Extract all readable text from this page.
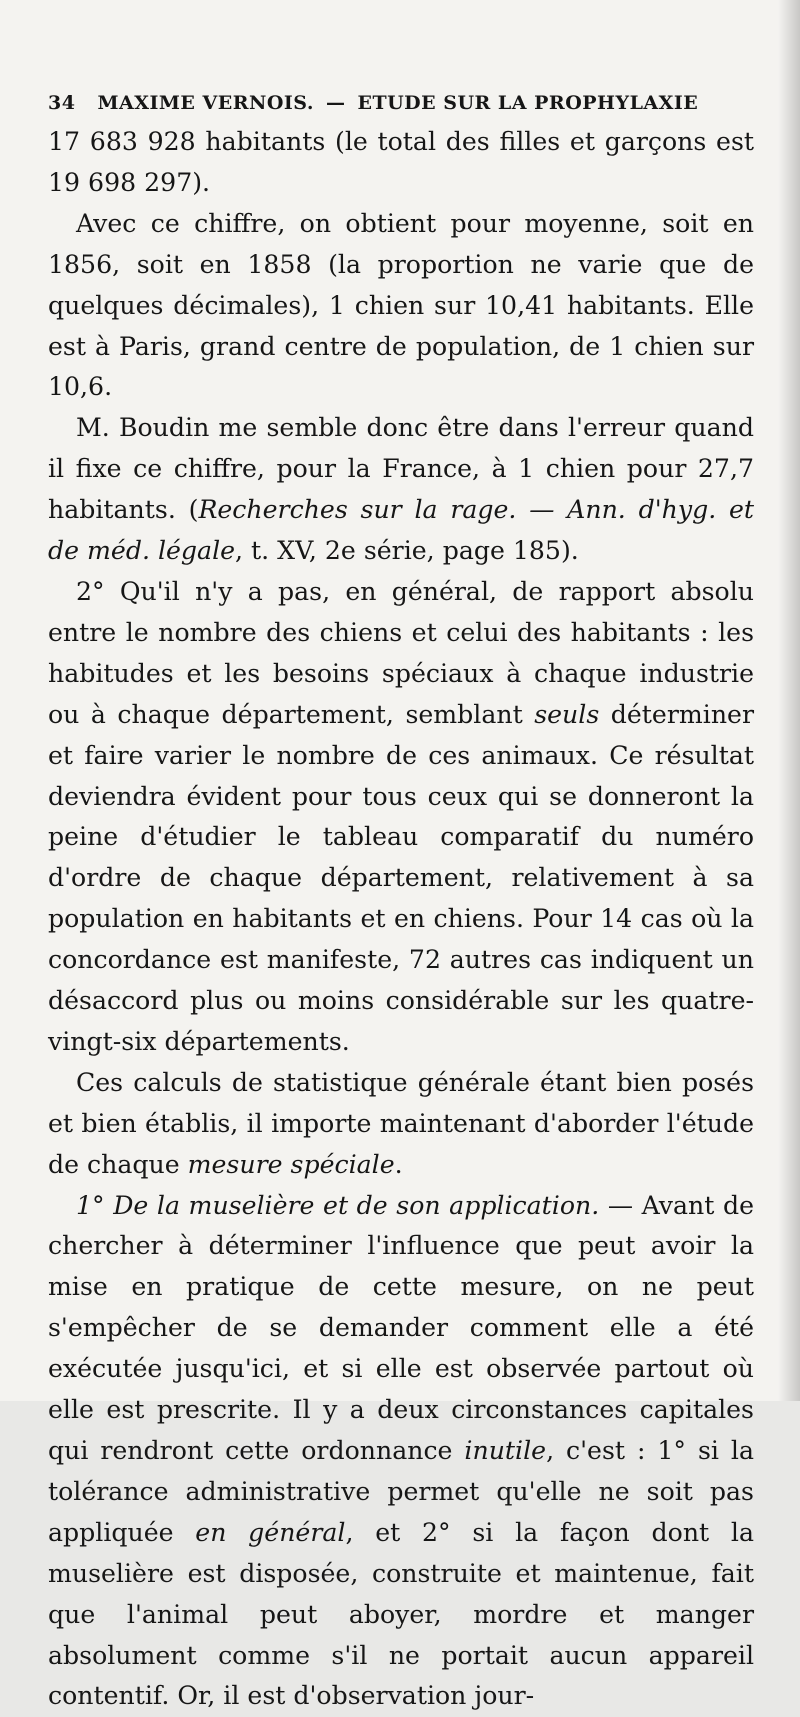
34 MAXIME VERNOIS. — ETUDE SUR LA PROPHYLAXIE

17 683 928 habitants (le total des filles et garçons est 19 698 297).

Avec ce chiffre, on obtient pour moyenne, soit en 1856, soit en 1858 (la proportion ne varie que de quelques décimales), 1 chien sur 10,41 habitants. Elle est à Paris, grand centre de population, de 1 chien sur 10,6.

M. Boudin me semble donc être dans l'erreur quand il fixe ce chiffre, pour la France, à 1 chien pour 27,7 habitants. (Recherches sur la rage. — Ann. d'hyg. et de méd. légale, t. XV, 2e série, page 185).

2° Qu'il n'y a pas, en général, de rapport absolu entre le nombre des chiens et celui des habitants : les habitudes et les besoins spéciaux à chaque industrie ou à chaque département, semblant seuls déterminer et faire varier le nombre de ces animaux. Ce résultat deviendra évident pour tous ceux qui se donneront la peine d'étudier le tableau comparatif du numéro d'ordre de chaque département, relativement à sa population en habitants et en chiens. Pour 14 cas où la concordance est manifeste, 72 autres cas indiquent un désaccord plus ou moins considérable sur les quatre-vingt-six départements.

Ces calculs de statistique générale étant bien posés et bien établis, il importe maintenant d'aborder l'étude de chaque mesure spéciale.

1° De la muselière et de son application. — Avant de chercher à déterminer l'influence que peut avoir la mise en pratique de cette mesure, on ne peut s'empêcher de se demander comment elle a été exécutée jusqu'ici, et si elle est observée partout où elle est prescrite. Il y a deux circonstances capitales qui rendront cette ordonnance inutile, c'est : 1° si la tolérance administrative permet qu'elle ne soit pas appliquée en général, et 2° si la façon dont la muselière est disposée, construite et maintenue, fait que l'animal peut aboyer, mordre et manger absolument comme s'il ne portait aucun appareil contentif. Or, il est d'observation jour-
